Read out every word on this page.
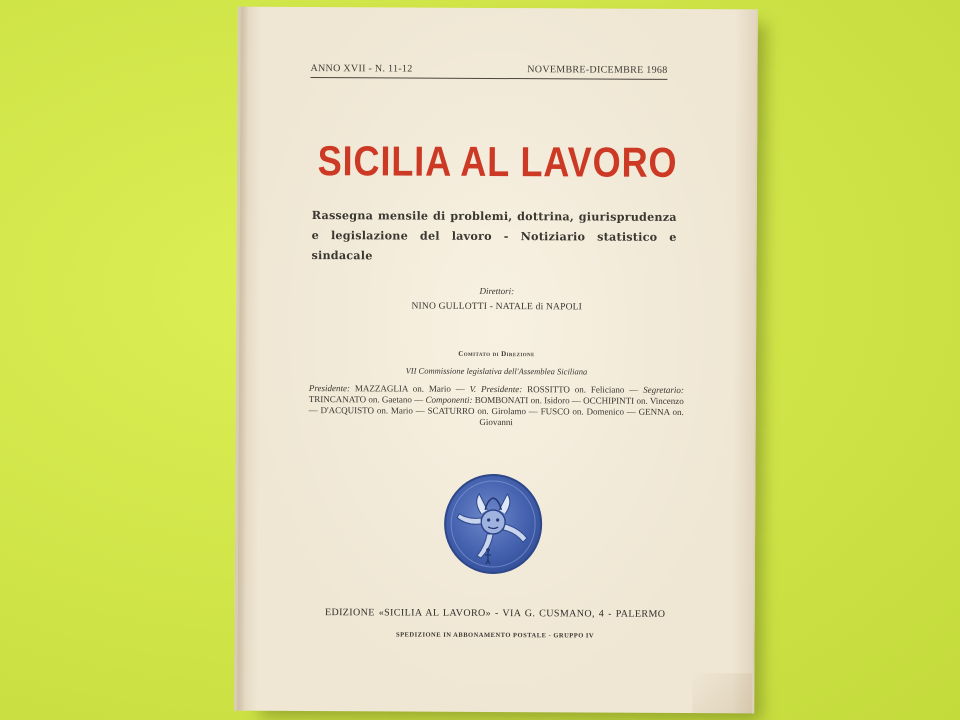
ANNO XVII - N. 11-12	NOVEMBRE-DICEMBRE 1968
SICILIA AL LAVORO
Rassegna mensile di problemi, dottrina, giurisprudenza e legislazione del lavoro - Notiziario statistico e sindacale
Direttori:
NINO GULLOTTI - NATALE di NAPOLI
Comitato di Direzione
VII Commissione legislativa dell'Assemblea Siciliana
Presidente: MAZZAGLIA on. Mario — V. Presidente: ROSSITTO on. Feliciano — Segretario: TRINCANATO on. Gaetano — Componenti: BOMBONATI on. Isidoro — OCCHIPINTI on. Vincenzo — D'ACQUISTO on. Mario — SCATURRO on. Girolamo — FUSCO on. Domenico — GENNA on. Giovanni
EDIZIONE «SICILIA AL LAVORO» - VIA G. CUSMANO, 4 - PALERMO
SPEDIZIONE IN ABBONAMENTO POSTALE - GRUPPO IV
